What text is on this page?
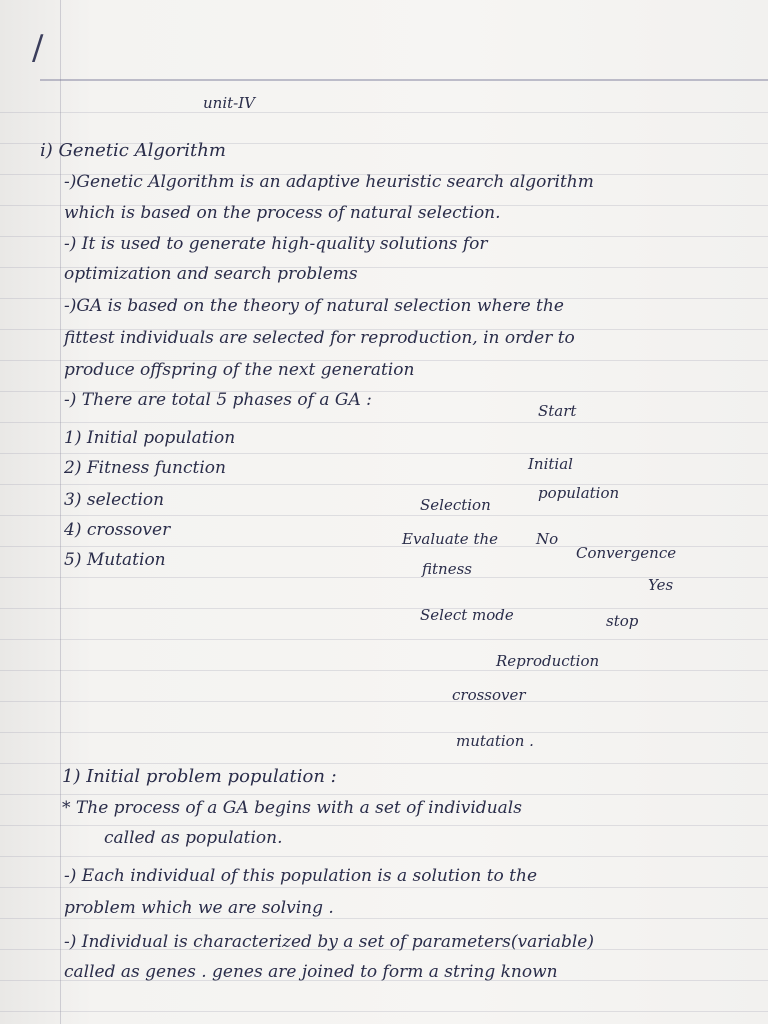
/
unit-IV
i) Genetic Algorithm
-)Genetic Algorithm is an adaptive heuristic search algorithm
which is based on the process of natural selection.
-) It is used to generate high-quality solutions for
optimization and search problems
-)GA is based on the theory of natural selection where the
fittest individuals are selected for reproduction, in order to
produce offspring of the next generation
-) There are total 5 phases of a GA :
1) Initial population
2) Fitness function
3) selection
4) crossover
5) Mutation
Start
Initial
population
Selection
Evaluate the	No
Convergence
fitness
Yes
Select mode	stop
Reproduction
crossover
mutation .
1) Initial problem population :
* The process of a GA begins with a set of individuals
called as population.
-) Each individual of this population is a solution to the
problem which we are solving .
-) Individual is characterized by a set of parameters(variable)
called as genes . genes are joined to form a string known
